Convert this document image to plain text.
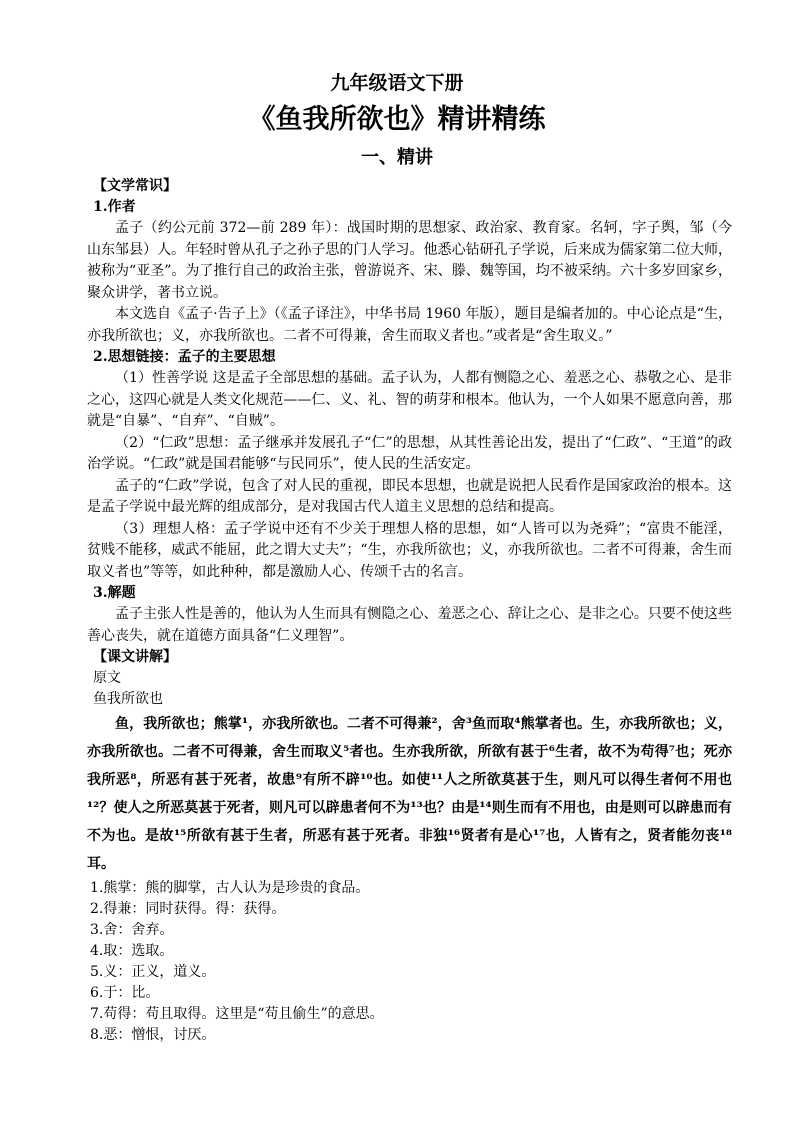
九年级语文下册
《鱼我所欲也》精讲精练
一、精讲
【文学常识】
1.作者

孟子（约公元前 372—前 289 年）：战国时期的思想家、政治家、教育家。名轲，字子舆，邹（今山东邹县）人。年轻时曾从孔子之孙子思的门人学习。他悉心钻研孔子学说，后来成为儒家第二位大师，被称为“亚圣”。为了推行自己的政治主张，曾游说齐、宋、滕、魏等国，均不被采纳。六十多岁回家乡，聚众讲学，著书立说。

本文选自《孟子·告子上》（《孟子译注》，中华书局 1960 年版），题目是编者加的。中心论点是“生，亦我所欲也；义，亦我所欲也。二者不可得兼，舍生而取义者也。”或者是“舍生取义。”

2.思想链接：孟子的主要思想

（1）性善学说 这是孟子全部思想的基础。孟子认为，人都有恻隐之心、羞恶之心、恭敬之心、是非之心，这四心就是人类文化规范——仁、义、礼、智的萌芽和根本。他认为，一个人如果不愿意向善，那就是“自暴”、“自弃”、“自贼”。

（2）“仁政”思想：孟子继承并发展孔子“仁”的思想，从其性善论出发，提出了“仁政”、“王道”的政治学说。“仁政”就是国君能够“与民同乐”，使人民的生活安定。

孟子的“仁政”学说，包含了对人民的重视，即民本思想，也就是说把人民看作是国家政治的根本。这是孟子学说中最光辉的组成部分，是对我国古代人道主义思想的总结和提高。

（3）理想人格：孟子学说中还有不少关于理想人格的思想，如“人皆可以为尧舜”；“富贵不能淫，贫贱不能移，威武不能屈，此之谓大丈夫”；“生，亦我所欲也；义，亦我所欲也。二者不可得兼，舍生而取义者也”等等，如此种种，都是激励人心、传颂千古的名言。

3.解题

孟子主张人性是善的，他认为人生而具有恻隐之心、羞恶之心、辞让之心、是非之心。只要不使这些善心丧失，就在道德方面具备“仁义理智”。

【课文讲解】
原文
鱼我所欲也

鱼，我所欲也；熊掌¹，亦我所欲也。二者不可得兼²，舍³鱼而取⁴熊掌者也。生，亦我所欲也；义，亦我所欲也。二者不可得兼，舍生而取义⁵者也。生亦我所欲，所欲有甚于⁶生者，故不为苟得⁷也；死亦我所恶⁸，所恶有甚于死者，故患⁹有所不辟¹⁰也。如使¹¹人之所欲莫甚于生，则凡可以得生者何不用也¹²？使人之所恶莫甚于死者，则凡可以辟患者何不为¹³也？由是¹⁴则生而有不用也，由是则可以辟患而有不为也。是故¹⁵所欲有甚于生者，所恶有甚于死者。非独¹⁶贤者有是心¹⁷也，人皆有之，贤者能勿丧¹⁸耳。

1.熊掌：熊的脚掌，古人认为是珍贵的食品。
2.得兼：同时获得。得：获得。
3.舍：舍弃。
4.取：选取。
5.义：正义，道义。
6.于：比。
7.苟得：苟且取得。这里是“苟且偷生”的意思。
8.恶：憎恨，讨厌。
